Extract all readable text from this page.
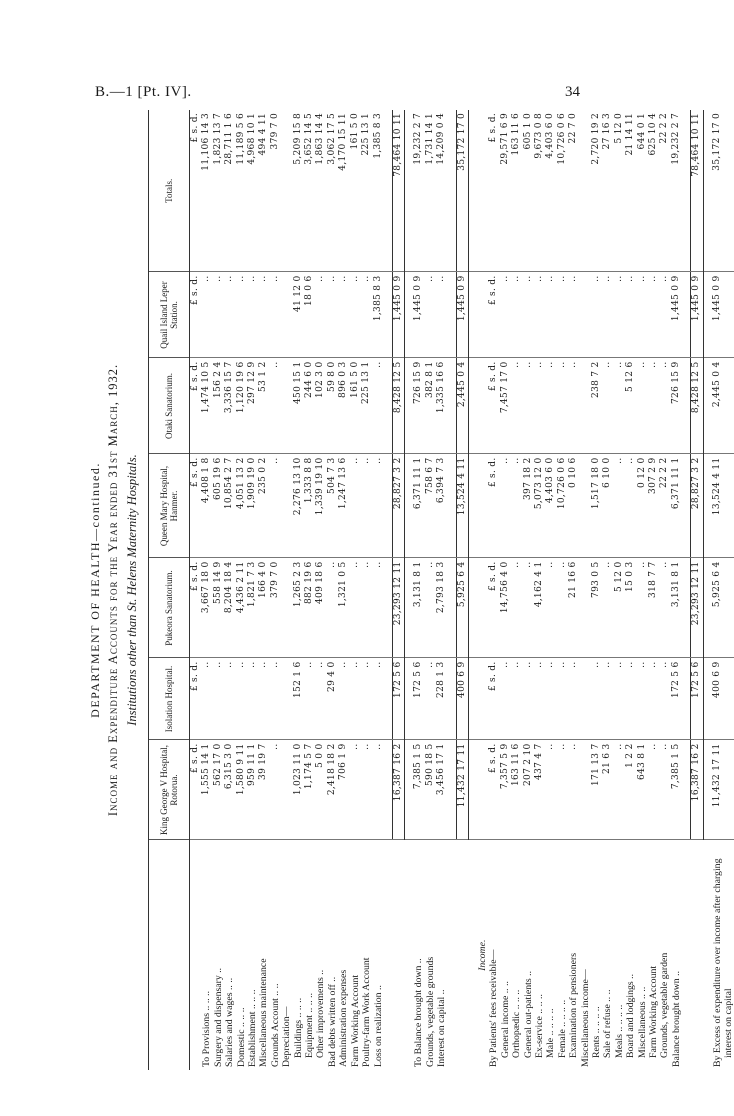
B.—1 [Pt. IV].	34
DEPARTMENT OF HEALTH—continued. Income and Expenditure Accounts for the Year ended 31st March, 1932. Institutions other than St. Helens Maternity Hospitals.
	King George V Hospital, Rotorua.	Isolation Hospital.	Pukeora Sanatorium.	Queen Mary Hospital, Hanmer.	Otaki Sanatorium.	Quail Island Leper Station.	Totals.
	£ s. d.	£ s. d.	£ s. d.	£ s. d.	£ s. d.	£ s. d.	£ s. d.
To Provisions .. .. ..	1,555 14 1	..	3,667 18 0	4,408 1 8	1,474 10 5	..	11,106 14 3
Surgery and dispensary ..	562 17 0	..	558 14 9	605 19 6	156 2 4	..	1,823 13 7
Salaries and wages .. ..	6,315 3 0	..	8,204 18 4	10,854 2 7	3,336 15 7	..	28,711 1 6
Domestic .. .. ..	1,580 9 11	..	4,436 2 11	4,051 13 2	1,120 19 6	..	11,189 5 6
Establishment .. .. ..	959 11 1	..	1,821 7 3	1,909 19 0	297 12 9	..	4,968 10 1
Miscellaneous maintenance	39 19 7	..	166 4 0	235 0 2	53 1 2	..	494 4 11
Grounds Account .. ..	..	..	379 7 0	..	..	..	379 7 0
Depreciation—							
Buildings .. .. ..	1,023 11 0	152 1 6	1,265 2 3	2,276 13 10	450 15 1	41 12 0	5,209 15 8
Equipment .. .. ..	1,174 5 7	..	882 19 6	1,333 8 8	244 6 0	18 0 6	3,652 14 5
Other improvements ..	5 0 0	..	409 18 6	1,339 19 10	102 3 0	..	1,863 14 4
Bad debts written off ..	2,418 18 2	29 4 0	..	504 7 3	59 8 0	..	3,062 17 5
Administration expenses	706 1 9	..	1,321 0 5	1,247 13 6	896 0 3	..	4,170 15 11
Farm Working Account	..	..	..	..	161 5 0	..	161 5 0
Poultry-farm Work Account	..	..	..	..	225 13 1	..	225 13 1
Loss on realization ..	..	..	..	..	..	1,385 8 3	1,385 8 3

	16,387 16 2	172 5 6	23,293 12 11	28,827 3 2	8,428 12 5	1,445 0 9	78,464 10 11

To Balance brought down ..	7,385 1 5	172 5 6	3,131 8 1	6,371 11 1	726 15 9	1,445 0 9	19,232 2 7
Grounds, vegetable grounds	590 18 5	..	..	758 6 7	382 8 1	..	1,731 14 1
Interest on capital ..	3,456 17 1	228 1 3	2,793 18 3	6,394 7 3	1,335 16 6	..	14,209 0 4

	11,432 17 11	400 6 9	5,925 6 4	13,524 4 11	2,445 0 4	1,445 0 9	35,172 17 0

Income.							
By Patients' fees receivable—	£ s. d.	£ s. d.	£ s. d.	£ s. d.	£ s. d.	£ s. d.	£ s. d.
General income .. ..	7,357 5 9	..	14,756 4 0	..	7,457 17 0	..	29,571 6 9
Orthopædic .. .. ..	163 11 6	..	..	..	..	..	163 11 6
General out-patients ..	207 2 10	..	..	397 18 2	..	..	605 1 0
Ex-service .. .. ..	437 4 7	..	4,162 4 1	5,073 12 0	..	..	9,673 0 8
Male .. .. .. ..	..	..	..	4,403 6 0	..	..	4,403 6 0
Female .. .. .. ..	..	..	..	10,726 0 6	..	..	10,726 0 6
Examination of pensioners	..	..	21 16 6	0 10 6	..	..	22 7 0
Miscellaneous income—							
Rents .. .. .. ..	171 13 7	..	793 0 5	1,517 18 0	238 7 2	..	2,720 19 2
Sale of refuse .. ..	21 6 3	..	..	6 10 0	..	..	27 16 3
Meals .. .. .. ..	..	..	5 12 0	..	..	..	5 12 0
Board and lodgings ..	1 2 2	..	15 0 3	..	5 12 6	..	21 14 11
Miscellaneous .. ..	643 8 1	..	..	0 12 0	..	..	644 0 1
Farm Working Account	..	..	318 7 7	307 2 9	..	..	625 10 4
Grounds, vegetable garden	..	..	..	22 2 2	..	..	22 2 2
Balance brought down ..	7,385 1 5	172 5 6	3,131 8 1	6,371 11 1	726 15 9	1,445 0 9	19,232 2 7

	16,387 16 2	172 5 6	23,293 12 11	28,827 3 2	8,428 12 5	1,445 0 9	78,464 10 11

By Excess of expenditure over income after charging	11,432 17 11	400 6 9	5,925 6 4	13,524 4 11	2,445 0 4	1,445 0 9	35,172 17 0
interest on capital							
